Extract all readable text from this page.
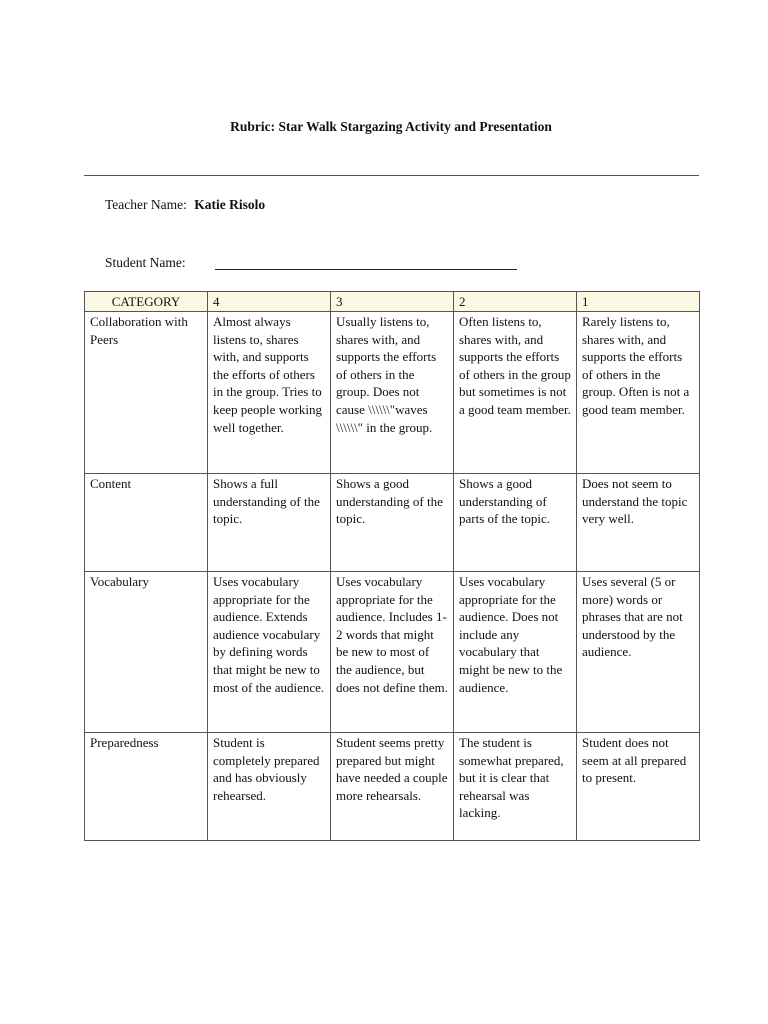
Rubric: Star Walk Stargazing Activity and Presentation
Teacher Name: Katie Risolo
Student Name:
CATEGORY	4	3	2	1
Collaboration with Peers	Almost always listens to, shares with, and supports the efforts of others in the group. Tries to keep people working well together.	Usually listens to, shares with, and supports the efforts of others in the group. Does not cause \\\\\\"waves \\\\\\" in the group.	Often listens to, shares with, and supports the efforts of others in the group but sometimes is not a good team member.	Rarely listens to, shares with, and supports the efforts of others in the group. Often is not a good team member.
Content	Shows a full understanding of the topic.	Shows a good understanding of the topic.	Shows a good understanding of parts of the topic.	Does not seem to understand the topic very well.
Vocabulary	Uses vocabulary appropriate for the audience. Extends audience vocabulary by defining words that might be new to most of the audience.	Uses vocabulary appropriate for the audience. Includes 1-2 words that might be new to most of the audience, but does not define them.	Uses vocabulary appropriate for the audience. Does not include any vocabulary that might be new to the audience.	Uses several (5 or more) words or phrases that are not understood by the audience.
Preparedness	Student is completely prepared and has obviously rehearsed.	Student seems pretty prepared but might have needed a couple more rehearsals.	The student is somewhat prepared, but it is clear that rehearsal was lacking.	Student does not seem at all prepared to present.
